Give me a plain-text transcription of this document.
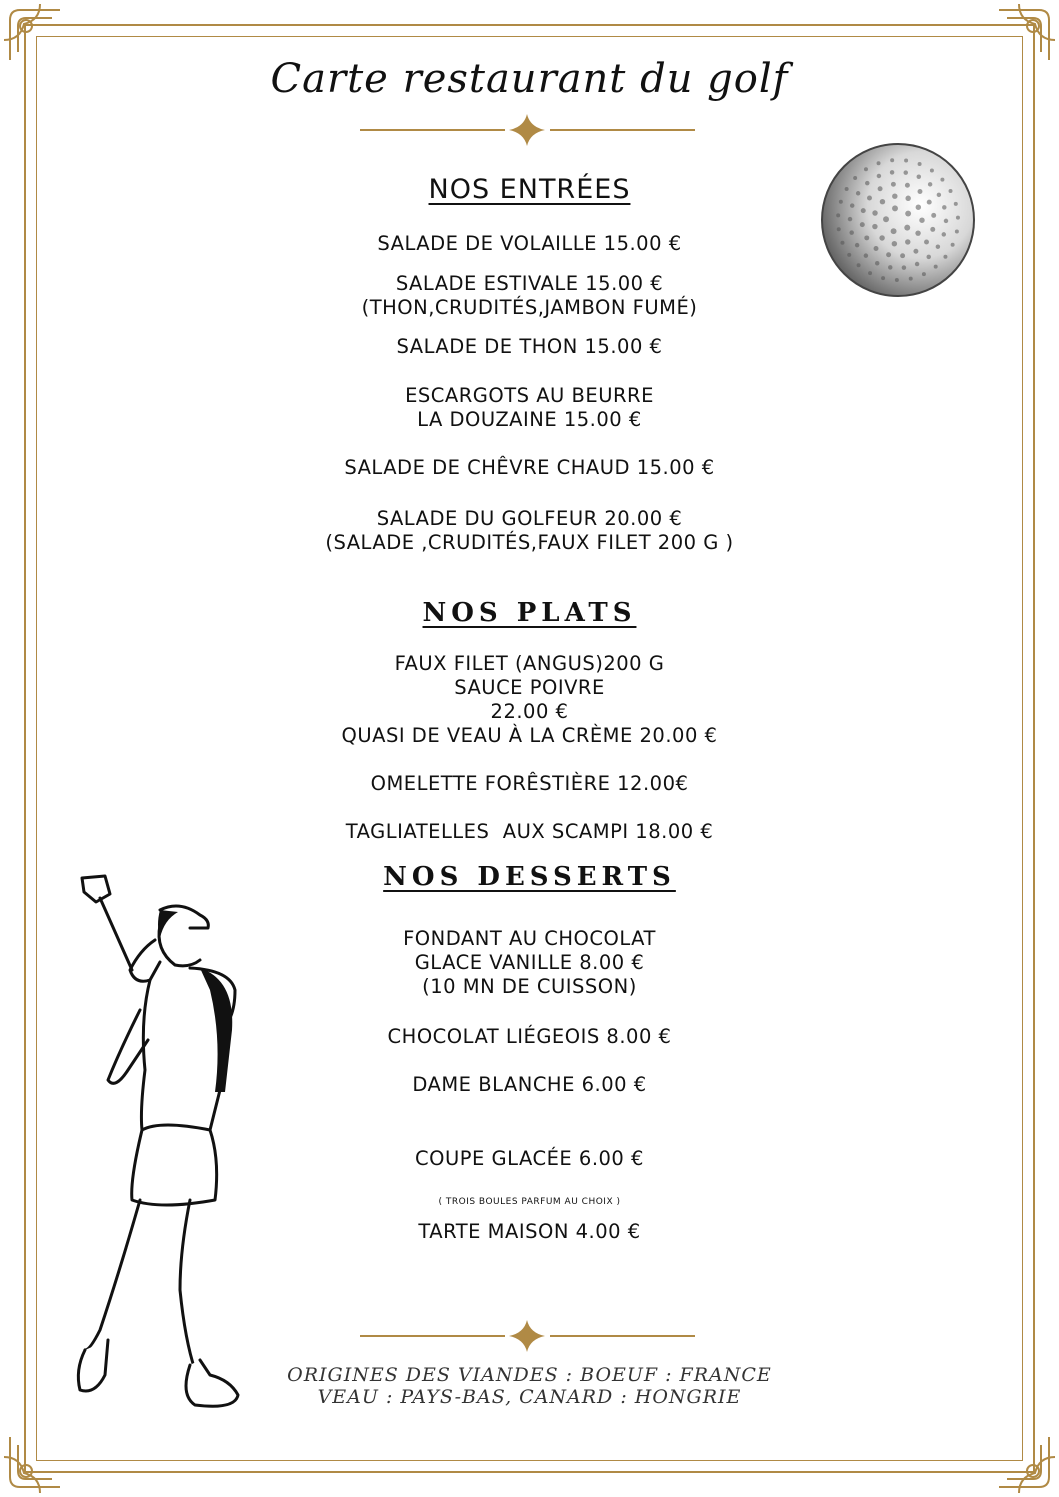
Carte restaurant du golf
NOS ENTRÉES
SALADE DE VOLAILLE 15.00 €
SALADE ESTIVALE 15.00 €
(THON,CRUDITÉS,JAMBON FUMÉ)
SALADE DE THON 15.00 €
ESCARGOTS AU BEURRE
LA DOUZAINE 15.00 €
SALADE DE CHÊVRE CHAUD 15.00 €
SALADE DU GOLFEUR 20.00 €
(SALADE ,CRUDITÉS,FAUX FILET 200 G )
NOS PLATS
FAUX FILET (ANGUS)200 G
SAUCE POIVRE
22.00 €
QUASI DE VEAU À LA CRÈME 20.00 €
OMELETTE FORÊSTIÈRE 12.00€
TAGLIATELLES  AUX SCAMPI 18.00 €
NOS DESSERTS
FONDANT AU CHOCOLAT
GLACE VANILLE 8.00 €
(10 MN DE CUISSON)
CHOCOLAT LIÉGEOIS 8.00 €
DAME BLANCHE 6.00 €
COUPE GLACÉE 6.00 €
( TROIS BOULES PARFUM AU CHOIX )
TARTE MAISON 4.00 €
ORIGINES DES VIANDES : BOEUF : FRANCE
VEAU : PAYS-BAS, CANARD : HONGRIE
